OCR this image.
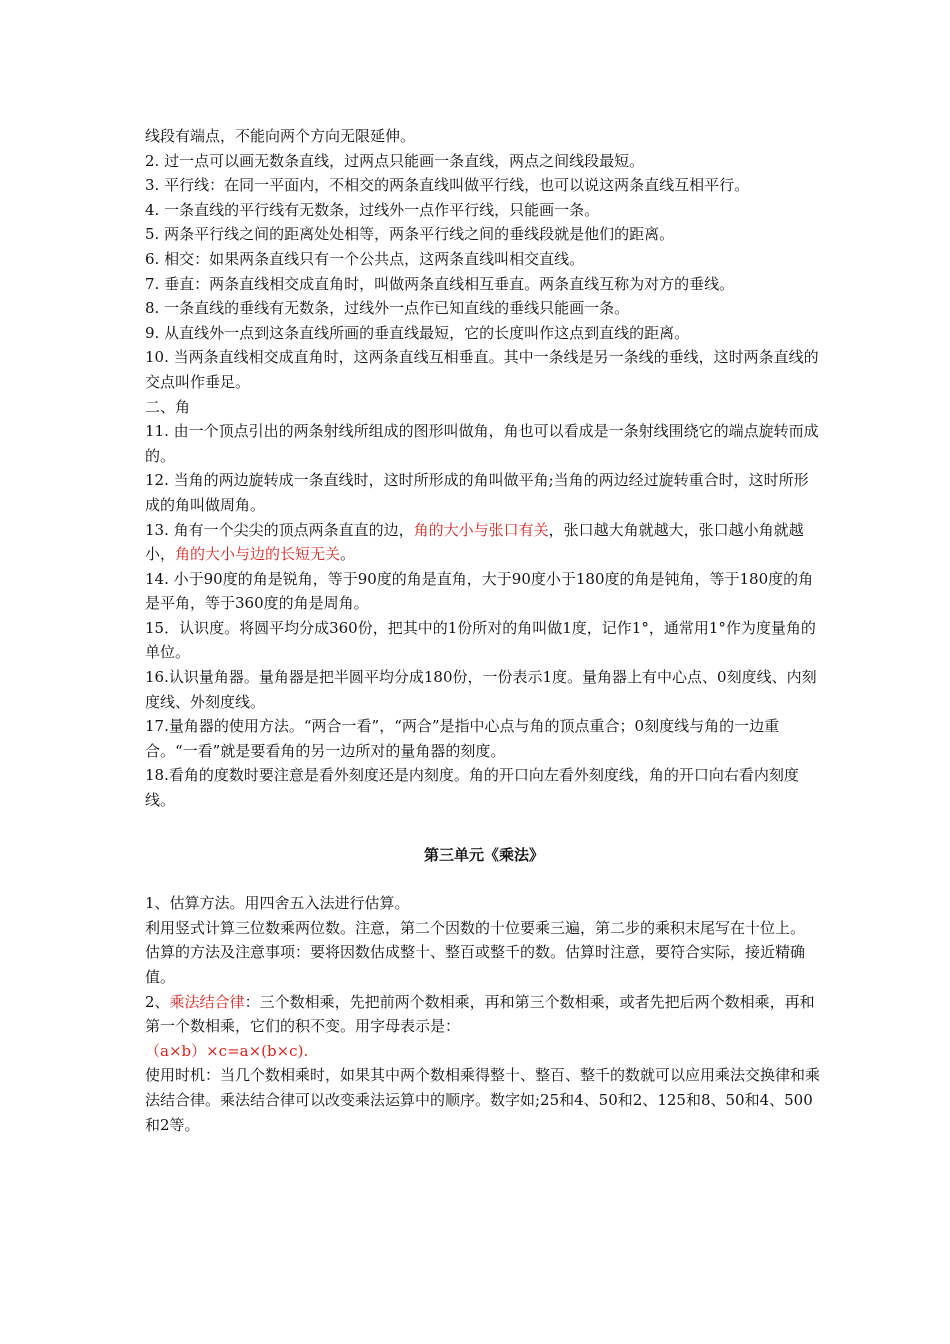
线段有端点，不能向两个方向无限延伸。

2. 过一点可以画无数条直线，过两点只能画一条直线，两点之间线段最短。

3. 平行线：在同一平面内，不相交的两条直线叫做平行线，也可以说这两条直线互相平行。

4. 一条直线的平行线有无数条，过线外一点作平行线，只能画一条。

5. 两条平行线之间的距离处处相等，两条平行线之间的垂线段就是他们的距离。

6. 相交：如果两条直线只有一个公共点，这两条直线叫相交直线。

7. 垂直：两条直线相交成直角时，叫做两条直线相互垂直。两条直线互称为对方的垂线。

8. 一条直线的垂线有无数条，过线外一点作已知直线的垂线只能画一条。

9. 从直线外一点到这条直线所画的垂直线最短，它的长度叫作这点到直线的距离。

10. 当两条直线相交成直角时，这两条直线互相垂直。其中一条线是另一条线的垂线，这时两条直线的交点叫作垂足。

二、角

11. 由一个顶点引出的两条射线所组成的图形叫做角，角也可以看成是一条射线围绕它的端点旋转而成的。

12. 当角的两边旋转成一条直线时，这时所形成的角叫做平角;当角的两边经过旋转重合时，这时所形成的角叫做周角。

13. 角有一个尖尖的顶点两条直直的边，角的大小与张口有关，张口越大角就越大，张口越小角就越小，角的大小与边的长短无关。

14. 小于90度的角是锐角，等于90度的角是直角，大于90度小于180度的角是钝角，等于180度的角是平角，等于360度的角是周角。

15．认识度。将圆平均分成360份，把其中的1份所对的角叫做1度，记作1°，通常用1°作为度量角的单位。

16.认识量角器。量角器是把半圆平均分成180份，一份表示1度。量角器上有中心点、0刻度线、内刻度线、外刻度线。

17.量角器的使用方法。“两合一看”，“两合”是指中心点与角的顶点重合；0刻度线与角的一边重合。“一看”就是要看角的另一边所对的量角器的刻度。

18.看角的度数时要注意是看外刻度还是内刻度。角的开口向左看外刻度线，角的开口向右看内刻度线。

第三单元《乘法》

1、估算方法。用四舍五入法进行估算。

利用竖式计算三位数乘两位数。注意，第二个因数的十位要乘三遍，第二步的乘积末尾写在十位上。

估算的方法及注意事项：要将因数估成整十、整百或整千的数。估算时注意，要符合实际，接近精确值。

2、乘法结合律：三个数相乘，先把前两个数相乘，再和第三个数相乘，或者先把后两个数相乘，再和第一个数相乘，它们的积不变。用字母表示是：

（a×b）×c=a×(b×c).

使用时机：当几个数相乘时，如果其中两个数相乘得整十、整百、整千的数就可以应用乘法交换律和乘法结合律。乘法结合律可以改变乘法运算中的顺序。数字如;25和4、50和2、125和8、50和4、500和2等。
